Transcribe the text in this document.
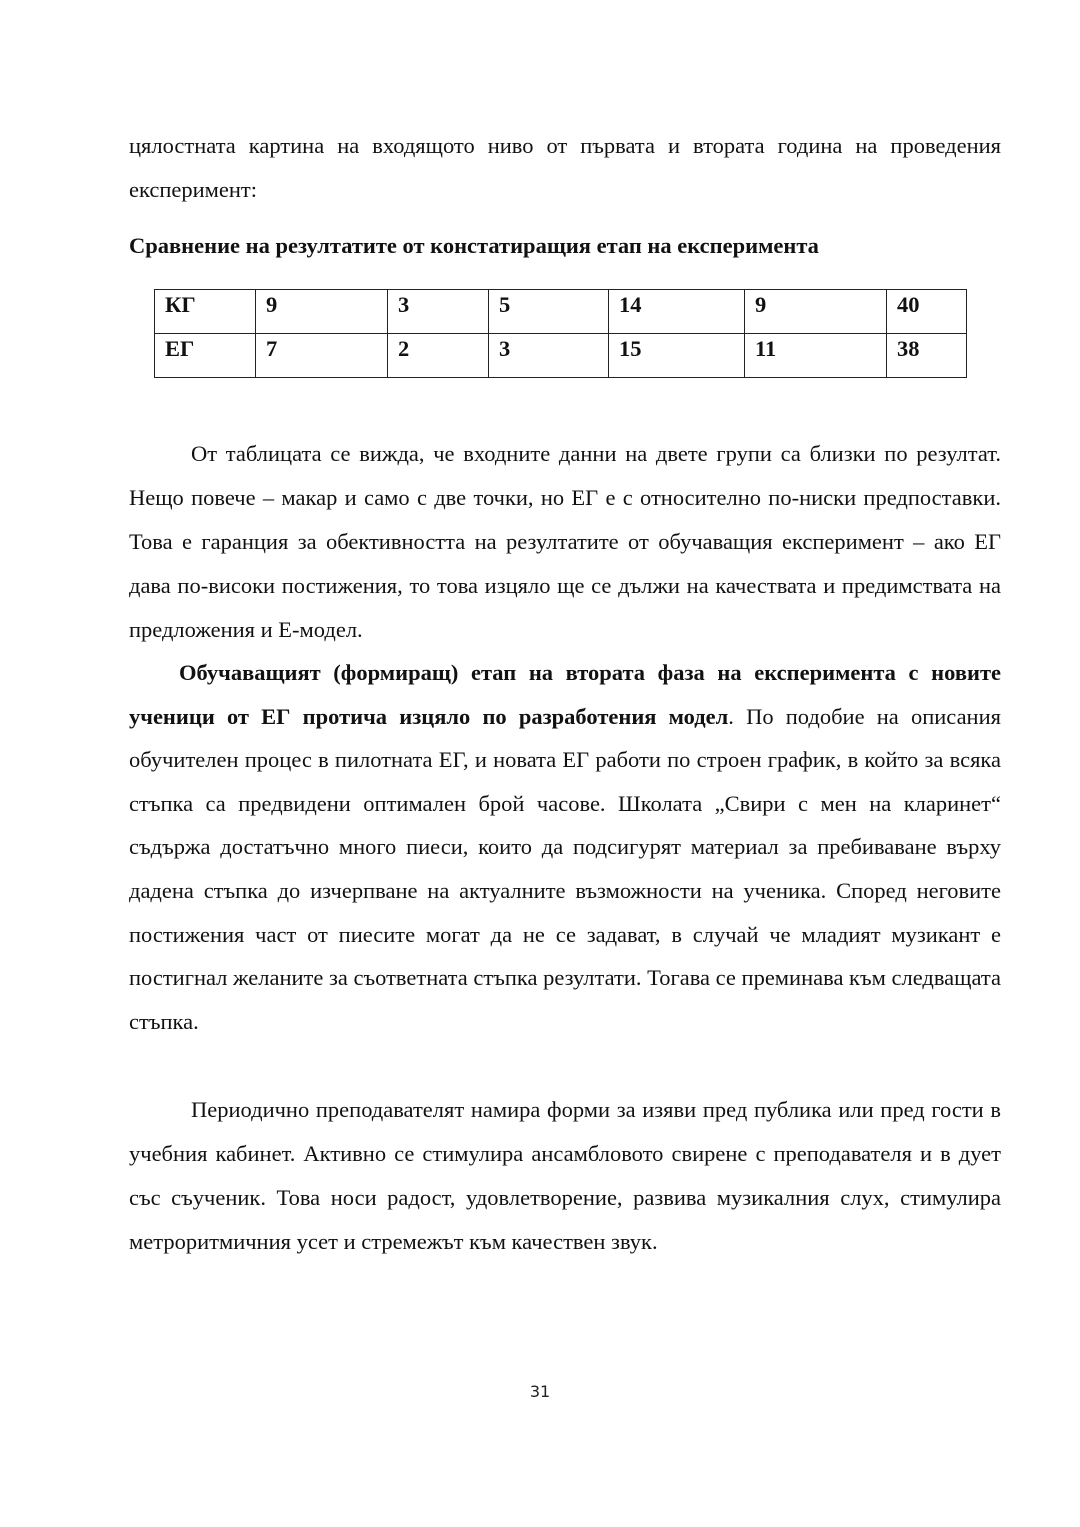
цялостната картина на входящото ниво от първата и втората година на проведения експеримент:

Сравнение на резултатите от констатиращия етап на експеримента
КГ	9	3	5	14	9	40
ЕГ	7	2	3	15	11	38

От таблицата се вижда, че входните данни на двете групи са близки по резултат. Нещо повече – макар и само с две точки, но ЕГ е с относително по-ниски предпоставки. Това е гаранция за обективността на резултатите от обучаващия експеримент – ако ЕГ дава по-високи постижения, то това изцяло ще се дължи на качествата и предимствата на предложения и Е-модел.

Обучаващият (формиращ) етап на втората фаза на експеримента с новите ученици от ЕГ протича изцяло по разработения модел. По подобие на описания обучителен процес в пилотната ЕГ, и новата ЕГ работи по строен график, в който за всяка стъпка са предвидени оптимален брой часове. Школата „Свири с мен на кларинет“ съдържа достатъчно много пиеси, които да подсигурят материал за пребиваване върху дадена стъпка до изчерпване на актуалните възможности на ученика. Според неговите постижения част от пиесите могат да не се задават, в случай че младият музикант е постигнал желаните за съответната стъпка резултати. Тогава се преминава към следващата стъпка.

Периодично преподавателят намира форми за изяви пред публика или пред гости в учебния кабинет. Активно се стимулира ансамбловото свирене с преподавателя и в дует със съученик. Това носи радост, удовлетворение, развива музикалния слух, стимулира метроритмичния усет и стремежът към качествен звук.

31
